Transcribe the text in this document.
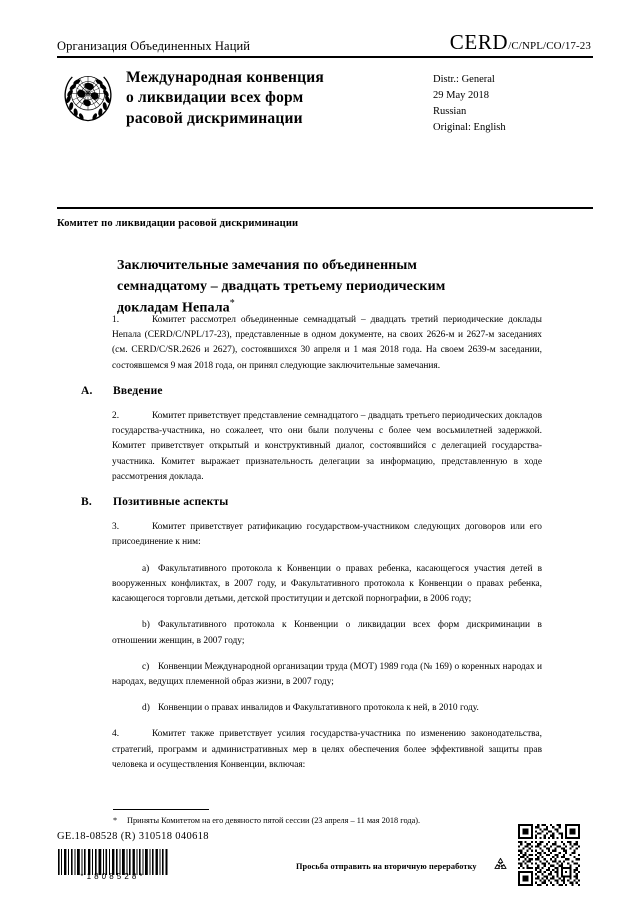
Организация Объединенных Наций	CERD /C/NPL/CO/17-23
Международная конвенция
о ликвидации всех форм
расовой дискриминации
Distr.: General
29 May 2018
Russian
Original: English
Комитет по ликвидации расовой дискриминации
Заключительные замечания по объединенным
семнадцатому – двадцать третьему периодическим
докладам Непала*

1.	Комитет рассмотрел объединенные семнадцатый – двадцать третий периодические доклады Непала (CERD/C/NPL/17-23), представленные в одном документе, на своих 2626-м и 2627-м заседаниях (см. CERD/C/SR.2626 и 2627), состоявшихся 30 апреля и 1 мая 2018 года. На своем 2639-м заседании, состоявшемся 9 мая 2018 года, он принял следующие заключительные замечания.

A. Введение

2.	Комитет приветствует представление семнадцатого – двадцать третьего периодических докладов государства-участника, но сожалеет, что они были получены с более чем восьмилетней задержкой. Комитет приветствует открытый и конструктивный диалог, состоявшийся с делегацией государства-участника. Комитет выражает признательность делегации за информацию, представленную в ходе рассмотрения доклада.

B. Позитивные аспекты

3.	Комитет приветствует ратификацию государством-участником следующих договоров или его присоединение к ним:

a) Факультативного протокола к Конвенции о правах ребенка, касающегося участия детей в вооруженных конфликтах, в 2007 году, и Факультативного протокола к Конвенции о правах ребенка, касающегося торговли детьми, детской проституции и детской порнографии, в 2006 году;

b) Факультативного протокола к Конвенции о ликвидации всех форм дискриминации в отношении женщин, в 2007 году;

c) Конвенции Международной организации труда (МОТ) 1989 года (№ 169) о коренных народах и народах, ведущих племенной образ жизни, в 2007 году;

d) Конвенции о правах инвалидов и Факультативного протокола к ней, в 2010 году.

4.	Комитет также приветствует усилия государства-участника по изменению законодательства, стратегий, программ и административных мер в целях обеспечения более эффективной защиты прав человека и осуществления Конвенции, включая:

* Приняты Комитетом на его девяносто пятой сессии (23 апреля – 11 мая 2018 года).
GE.18-08528 (R) 310518 040618
*1808528*
Просьба отправить на вторичную переработку
